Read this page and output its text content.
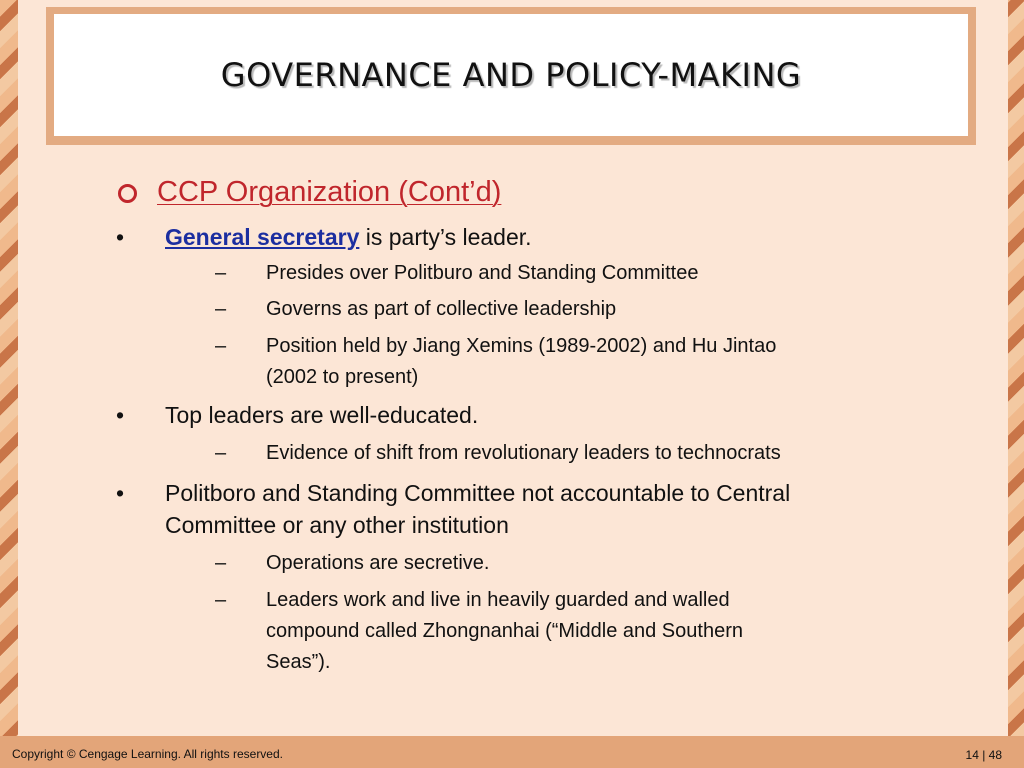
GOVERNANCE AND POLICY-MAKING
CCP Organization (Cont’d)
• General secretary is party’s leader.
– Presides over Politburo and Standing Committee
– Governs as part of collective leadership
– Position held by Jiang Xemins (1989-2002) and Hu Jintao
(2002 to present)
• Top leaders are well-educated.
– Evidence of shift from revolutionary leaders to technocrats
• Politboro and Standing Committee not accountable to Central
Committee or any other institution
– Operations are secretive.
– Leaders work and live in heavily guarded and walled
compound called Zhongnanhai (“Middle and Southern
Seas”).
Copyright © Cengage Learning. All rights reserved.	14 | 48
